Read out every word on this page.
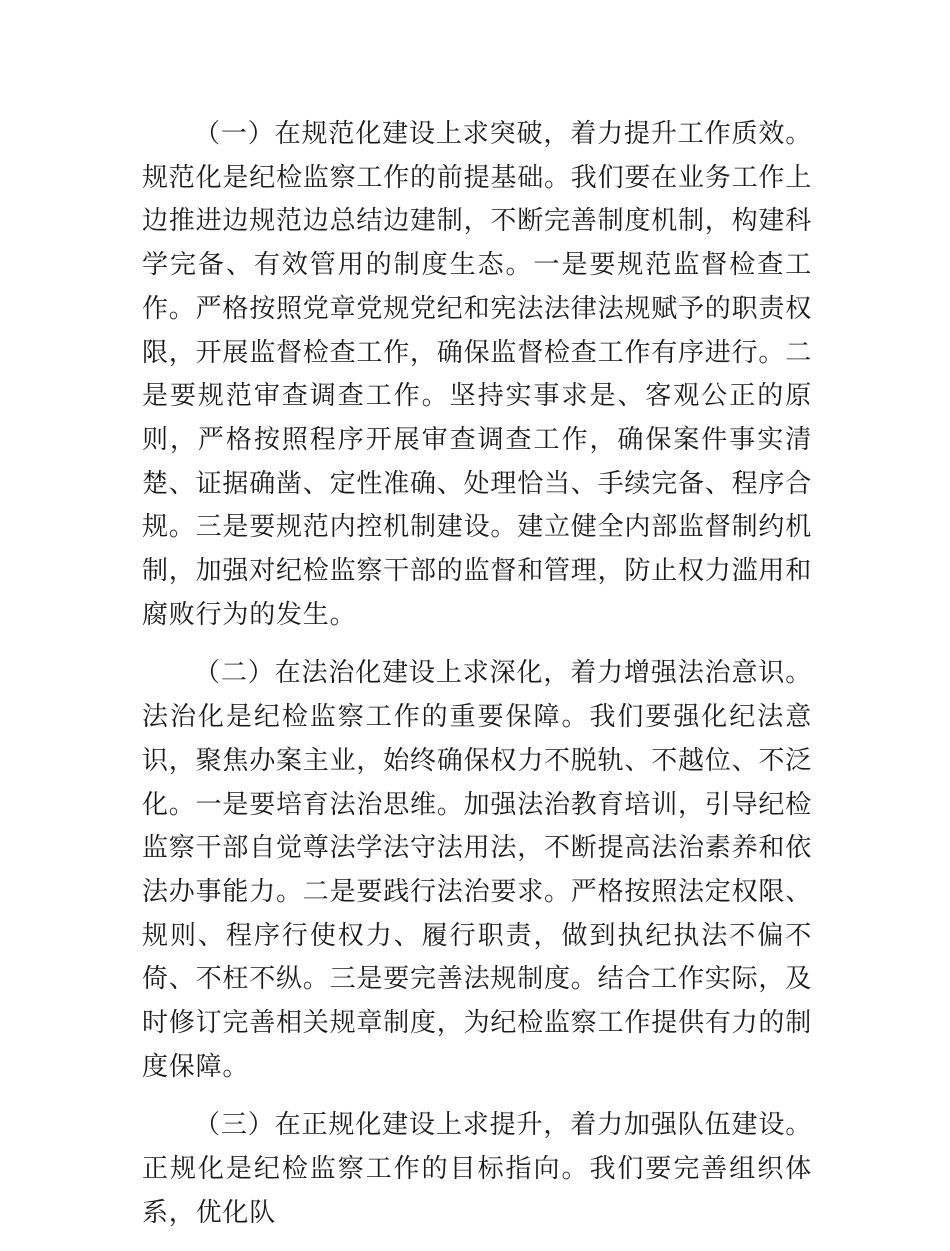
（一）在规范化建设上求突破，着力提升工作质效。规范化是纪检监察工作的前提基础。我们要在业务工作上边推进边规范边总结边建制，不断完善制度机制，构建科学完备、有效管用的制度生态。一是要规范监督检查工作。严格按照党章党规党纪和宪法法律法规赋予的职责权限，开展监督检查工作，确保监督检查工作有序进行。二是要规范审查调查工作。坚持实事求是、客观公正的原则，严格按照程序开展审查调查工作，确保案件事实清楚、证据确凿、定性准确、处理恰当、手续完备、程序合规。三是要规范内控机制建设。建立健全内部监督制约机制，加强对纪检监察干部的监督和管理，防止权力滥用和腐败行为的发生。

（二）在法治化建设上求深化，着力增强法治意识。法治化是纪检监察工作的重要保障。我们要强化纪法意识，聚焦办案主业，始终确保权力不脱轨、不越位、不泛化。一是要培育法治思维。加强法治教育培训，引导纪检监察干部自觉尊法学法守法用法，不断提高法治素养和依法办事能力。二是要践行法治要求。严格按照法定权限、规则、程序行使权力、履行职责，做到执纪执法不偏不倚、不枉不纵。三是要完善法规制度。结合工作实际，及时修订完善相关规章制度，为纪检监察工作提供有力的制度保障。

（三）在正规化建设上求提升，着力加强队伍建设。正规化是纪检监察工作的目标指向。我们要完善组织体系，优化队
